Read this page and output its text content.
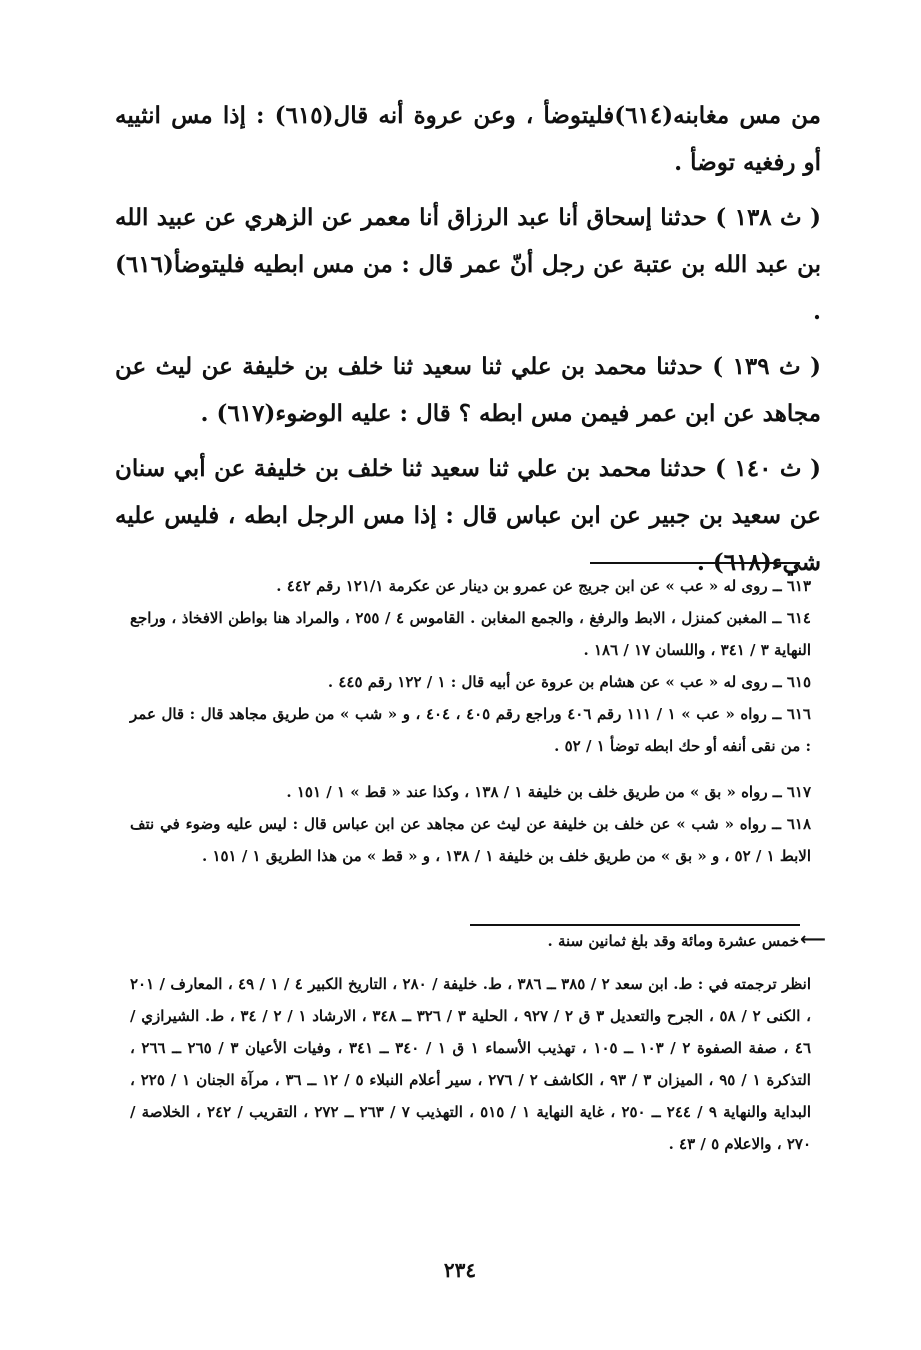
من مس مغابنه(٦١٤)فليتوضأ ، وعن عروة أنه قال(٦١٥) : إذا مس انثييه أو رفغيه توضأ .

( ث ١٣٨ ) حدثنا إسحاق أنا عبد الرزاق أنا معمر عن الزهري عن عبيد الله بن عبد الله بن عتبة عن رجل أنّ عمر قال : من مس ابطيه فليتوضأ(٦١٦) .

( ث ١٣٩ ) حدثنا محمد بن علي ثنا سعيد ثنا خلف بن خليفة عن ليث عن مجاهد عن ابن عمر فيمن مس ابطه ؟ قال : عليه الوضوء(٦١٧) .

( ث ١٤٠ ) حدثنا محمد بن علي ثنا سعيد ثنا خلف بن خليفة عن أبي سنان عن سعيد بن جبير عن ابن عباس قال : إذا مس الرجل ابطه ، فليس عليه شيء(٦١٨) .

٦١٣ ــ روى له « عب » عن ابن جريج عن عمرو بن دينار عن عكرمة ١٢١/١ رقم ٤٤٢ .

٦١٤ ــ المغبن كمنزل ، الابط والرفغ ، والجمع المغابن . القاموس ٤ / ٢٥٥ ، والمراد هنا بواطن الافخاذ ، وراجع النهاية ٣ / ٣٤١ ، واللسان ١٧ / ١٨٦ .

٦١٥ ــ روى له « عب » عن هشام بن عروة عن أبيه قال : ١ / ١٢٢ رقم ٤٤٥ .

٦١٦ ــ رواه « عب » ١ / ١١١ رقم ٤٠٦ وراجع رقم ٤٠٥ ، ٤٠٤ ، و « شب » من طريق مجاهد قال : قال عمر : من نقى أنفه أو حك ابطه توضأ ١ / ٥٢ .

٦١٧ ــ رواه « بق » من طريق خلف بن خليفة ١ / ١٣٨ ، وكذا عند « قط » ١ / ١٥١ .

٦١٨ ــ رواه « شب » عن خلف بن خليفة عن ليث عن مجاهد عن ابن عباس قال : ليس عليه وضوء في نتف الابط ١ / ٥٢ ، و « بق » من طريق خلف بن خليفة ١ / ١٣٨ ، و « قط » من هذا الطريق ١ / ١٥١ .

⟵
خمس عشرة ومائة وقد بلغ ثمانين سنة .

انظر ترجمته في : ط. ابن سعد ٢ / ٣٨٥ ــ ٣٨٦ ، ط. خليفة / ٢٨٠ ، التاريخ الكبير ٤ / ١ / ٤٩ ، المعارف / ٢٠١ ، الكنى ٢ / ٥٨ ، الجرح والتعديل ٣ ق ٢ / ٩٢٧ ، الحلية ٣ / ٣٢٦ ــ ٣٤٨ ، الارشاد ١ / ٢ / ٣٤ ، ط. الشيرازي / ٤٦ ، صفة الصفوة ٢ / ١٠٣ ــ ١٠٥ ، تهذيب الأسماء ١ ق ١ / ٣٤٠ ــ ٣٤١ ، وفيات الأعيان ٣ / ٢٦٥ ــ ٢٦٦ ، التذكرة ١ / ٩٥ ، الميزان ٣ / ٩٣ ، الكاشف ٢ / ٢٧٦ ، سير أعلام النبلاء ٥ / ١٢ ــ ٣٦ ، مرآة الجنان ١ / ٢٢٥ ، البداية والنهاية ٩ / ٢٤٤ ــ ٢٥٠ ، غاية النهاية ١ / ٥١٥ ، التهذيب ٧ / ٢٦٣ ــ ٢٧٢ ، التقريب / ٢٤٢ ، الخلاصة / ٢٧٠ ، والاعلام ٥ / ٤٣ .

٢٣٤
